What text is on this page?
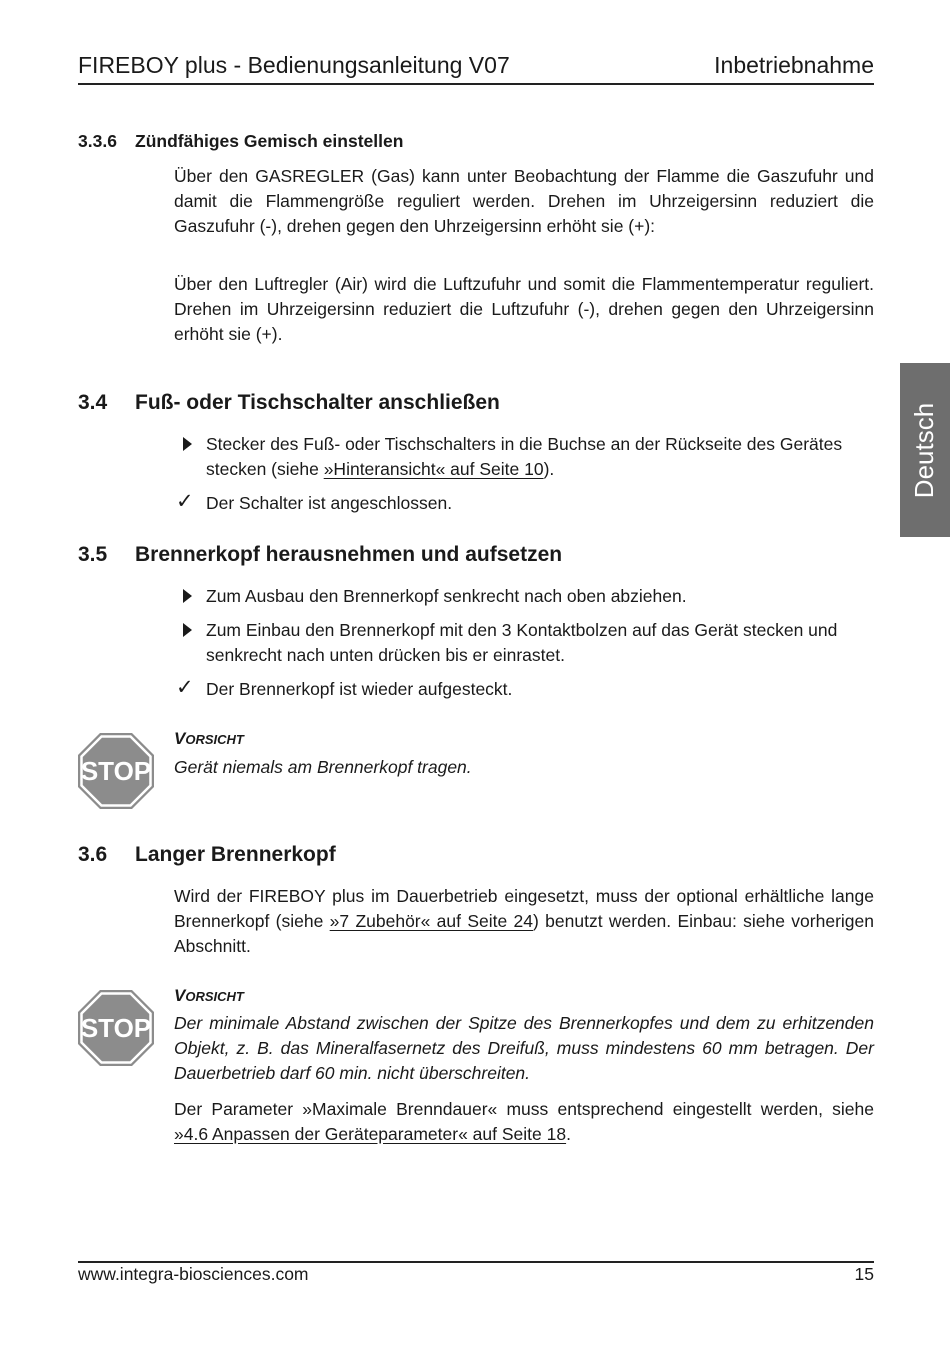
FIREBOY plus - Bedienungsanleitung V07	Inbetriebnahme
Deutsch
3.3.6 Zündfähiges Gemisch einstellen

Über den GASREGLER (Gas) kann unter Beobachtung der Flamme die Gaszufuhr und damit die Flammengröße reguliert werden. Drehen im Uhrzeigersinn reduziert die Gaszufuhr (-), drehen gegen den Uhrzeigersinn erhöht sie (+):

Über den Luftregler (Air) wird die Luftzufuhr und somit die Flammentemperatur reguliert. Drehen im Uhrzeigersinn reduziert die Luftzufuhr (-), drehen gegen den Uhrzeigersinn erhöht sie (+).

3.4 Fuß- oder Tischschalter anschließen
Stecker des Fuß- oder Tischschalters in die Buchse an der Rückseite des Gerätes stecken (siehe »Hinteransicht« auf Seite 10).
✓ Der Schalter ist angeschlossen.
3.5 Brennerkopf herausnehmen und aufsetzen
Zum Ausbau den Brennerkopf senkrecht nach oben abziehen.
Zum Einbau den Brennerkopf mit den 3 Kontaktbolzen auf das Gerät stecken und senkrecht nach unten drücken bis er einrastet.
✓ Der Brennerkopf ist wieder aufgesteckt.
STOP
VORSICHT

Gerät niemals am Brennerkopf tragen.

3.6 Langer Brennerkopf

Wird der FIREBOY plus im Dauerbetrieb eingesetzt, muss der optional erhältliche lange Brennerkopf (siehe »7 Zubehör« auf Seite 24) benutzt werden. Einbau: siehe vorherigen Abschnitt.

STOP
VORSICHT

Der minimale Abstand zwischen der Spitze des Brennerkopfes und dem zu erhitzenden Objekt, z. B. das Mineralfasernetz des Dreifuß, muss mindestens 60 mm betragen. Der Dauerbetrieb darf 60 min. nicht überschreiten.

Der Parameter »Maximale Brenndauer« muss entsprechend eingestellt werden, siehe »4.6 Anpassen der Geräteparameter« auf Seite 18.

www.integra-biosciences.com	15
